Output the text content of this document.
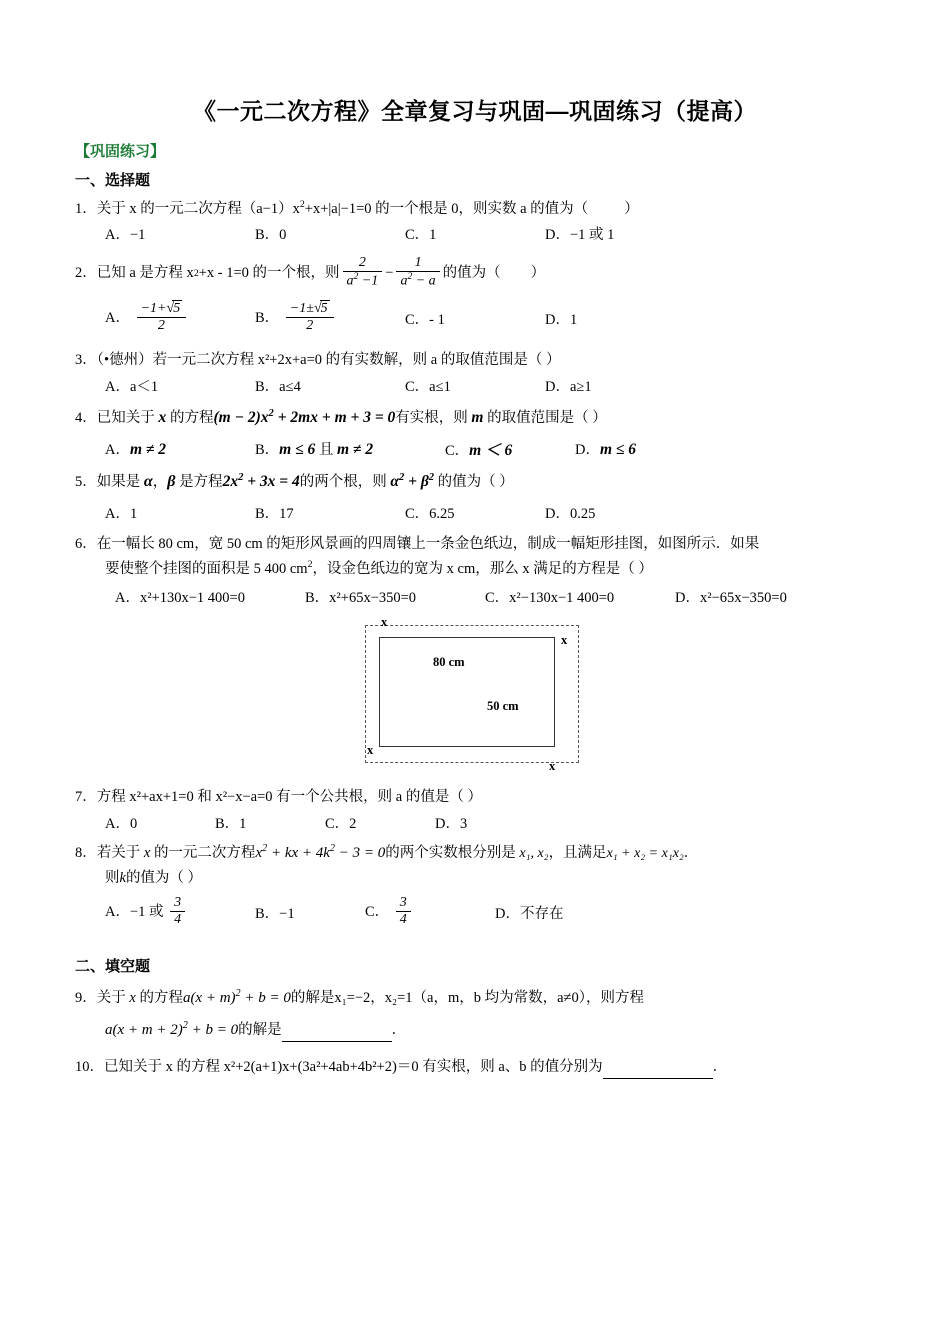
《一元二次方程》全章复习与巩固—巩固练习（提高）
【巩固练习】
一、选择题
1．关于 x 的一元二次方程$(a-1)x^2+x+|a|-1=0$ 的一个根是 0，则实数 a 的值为（ ）
A．−1	B．0	C．1	D．−1 或 1
2． 已知 a 是方程 x 2 +x - 1=0 的一个根，则 $\frac{2}{a^2 -1} - \frac{1}{a^2 - a}$ 的值为（ ）
A． $\frac{-1+√5}{2}$	B． $\frac{-1\pm√5}{2}$	C．- 1	D．1
3．（•德州）若一元二次方程 x²+2x+a=0 的有实数解，则 a 的取值范围是（ ）
A．a＜1	B．a≤4	C．a≤1	D．a≥1
4．已知关于 x 的方程$(m - 2)x^2 + 2mx + m + 3 = 0$有实根，则 m 的取值范围是（ ）
A．m ≠ 2	B．m ≤ 6 且 m ≠ 2	C．m ＜ 6	D．m ≤ 6
5．如果是 α，β 是方程$2x^2 + 3x = 4$的两个根，则 $\alpha^2 + \beta^2$ 的值为（ ）
A．1	B．17	C．6.25	D．0.25
6．在一幅长 80 cm，宽 50 cm 的矩形风景画的四周镶上一条金色纸边，制成一幅矩形挂图，如图所示．如果
要使整个挂图的面积是 5 400 $cm^2$，设金色纸边的宽为 x cm，那么 x 满足的方程是（ ）
A．x²+130x−1 400=0	B．x²+65x−350=0	C．x²−130x−1 400=0	D．x²−65x−350=0
x
x
x
x
80 cm
50 cm
7．方程 x²+ax+1=0 和 x²−x−a=0 有一个公共根，则 a 的值是（ ）
A．0	B．1	C．2	D．3
8．若关于 x 的一元二次方程$x^2$ + kx + $4k^2 - 3 = 0$的两个实数根分别是 x₁, x₂，且满足x₁ + x₂ = x₁x₂．
则k的值为（ ）
A．−1 或 $\frac{3}{4}$	B．−1	C． $\frac{3}{4}$	D．不存在
二、填空题
9．关于 x 的方程$a(x + m)^2 + b = 0$的解是x₁=−2，x₂=1（a，m，b 均为常数，a≠0），则方程
$a(x + m + 2)^2 + b = 0$的解是	．
10．已知关于 x 的方程 x²+2(a+1)x+(3a²+4ab+4b²+2)＝0 有实根，则 a、b 的值分别为	．
